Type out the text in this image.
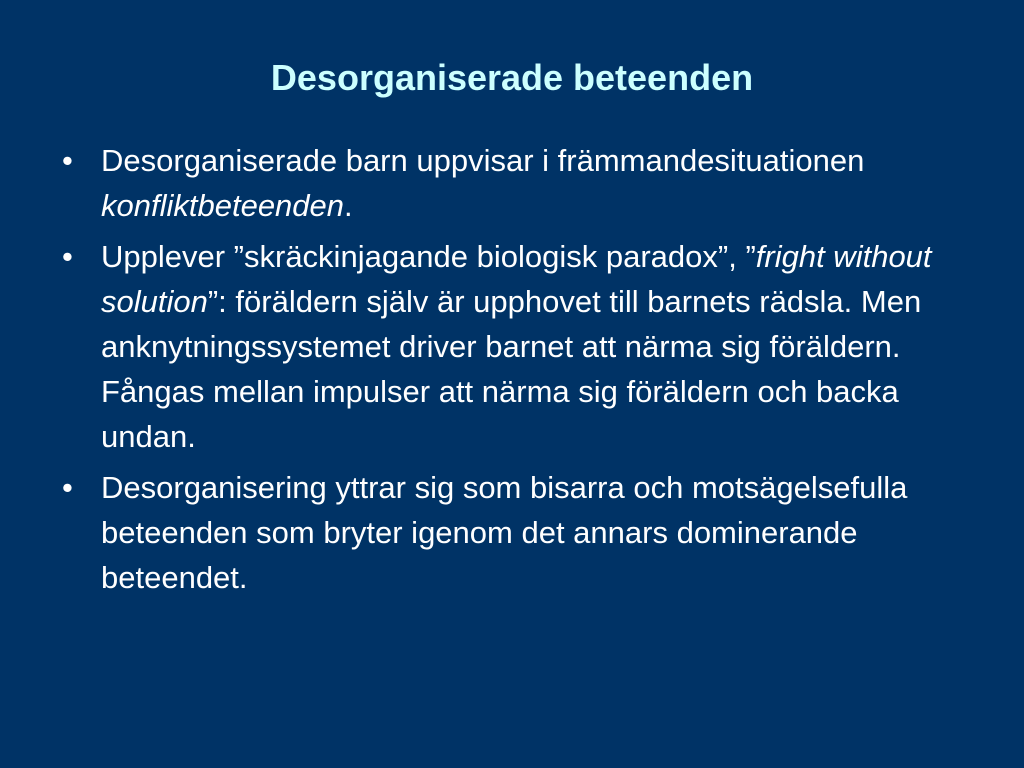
Desorganiserade beteenden
• Desorganiserade barn uppvisar i främmandesituationen konfliktbeteenden.
• Upplever ”skräckinjagande biologisk paradox”, ”fright without solution”: föräldern själv är upphovet till barnets rädsla. Men anknytningssystemet driver barnet att närma sig föräldern. Fångas mellan impulser att närma sig föräldern och backa undan.
• Desorganisering yttrar sig som bisarra och motsägelsefulla beteenden som bryter igenom det annars dominerande beteendet.
